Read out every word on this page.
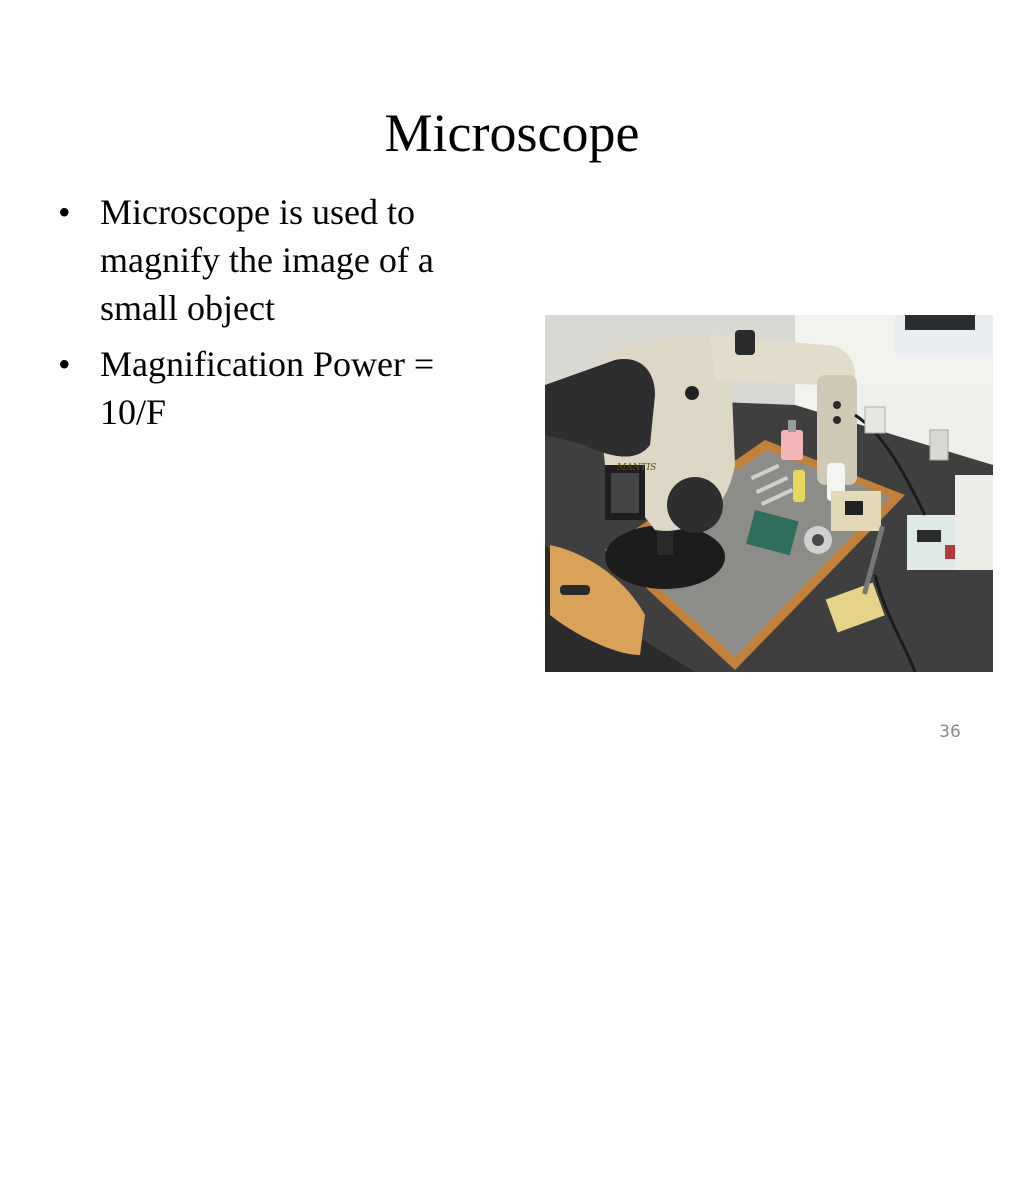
Microscope
• Microscope is used to magnify the image of a small object
• Magnification Power = 10/F
MANTIS
36
